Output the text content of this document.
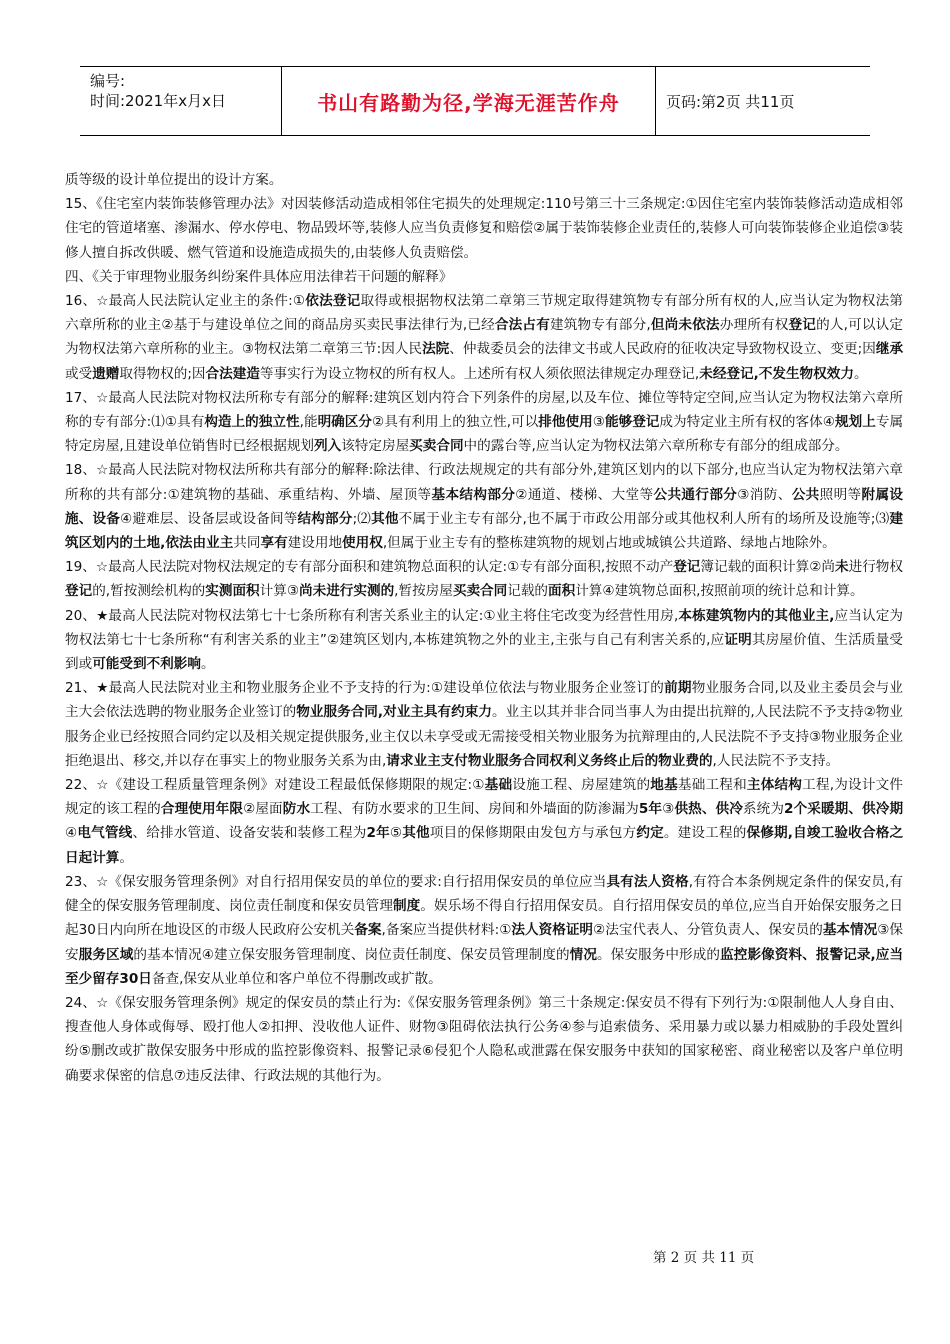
编号:
时间:2021年x月x日	书山有路勤为径,学海无涯苦作舟	页码:第2页 共11页

质等级的设计单位提出的设计方案。

15、《住宅室内装饰装修管理办法》对因装修活动造成相邻住宅损失的处理规定:110号第三十三条规定:①因住宅室内装饰装修活动造成相邻住宅的管道堵塞、渗漏水、停水停电、物品毁坏等,装修人应当负责修复和赔偿②属于装饰装修企业责任的,装修人可向装饰装修企业追偿③装修人擅自拆改供暖、燃气管道和设施造成损失的,由装修人负责赔偿。

四、《关于审理物业服务纠纷案件具体应用法律若干问题的解释》

16、☆最高人民法院认定业主的条件:①依法登记取得或根据物权法第二章第三节规定取得建筑物专有部分所有权的人,应当认定为物权法第六章所称的业主②基于与建设单位之间的商品房买卖民事法律行为,已经合法占有建筑物专有部分,但尚未依法办理所有权登记的人,可以认定为物权法第六章所称的业主。③物权法第二章第三节:因人民法院、仲裁委员会的法律文书或人民政府的征收决定导致物权设立、变更;因继承或受遗赠取得物权的;因合法建造等事实行为设立物权的所有权人。上述所有权人须依照法律规定办理登记,未经登记,不发生物权效力。

17、☆最高人民法院对物权法所称专有部分的解释:建筑区划内符合下列条件的房屋,以及车位、摊位等特定空间,应当认定为物权法第六章所称的专有部分:⑴①具有构造上的独立性,能明确区分②具有利用上的独立性,可以排他使用③能够登记成为特定业主所有权的客体④规划上专属特定房屋,且建设单位销售时已经根据规划列入该特定房屋买卖合同中的露台等,应当认定为物权法第六章所称专有部分的组成部分。

18、☆最高人民法院对物权法所称共有部分的解释:除法律、行政法规规定的共有部分外,建筑区划内的以下部分,也应当认定为物权法第六章所称的共有部分:①建筑物的基础、承重结构、外墙、屋顶等基本结构部分②通道、楼梯、大堂等公共通行部分③消防、公共照明等附属设施、设备④避难层、设备层或设备间等结构部分;⑵其他不属于业主专有部分,也不属于市政公用部分或其他权利人所有的场所及设施等;⑶建筑区划内的土地,依法由业主共同享有建设用地使用权,但属于业主专有的整栋建筑物的规划占地或城镇公共道路、绿地占地除外。

19、☆最高人民法院对物权法规定的专有部分面积和建筑物总面积的认定:①专有部分面积,按照不动产登记簿记载的面积计算②尚未进行物权登记的,暂按测绘机构的实测面积计算③尚未进行实测的,暂按房屋买卖合同记载的面积计算④建筑物总面积,按照前项的统计总和计算。

20、★最高人民法院对物权法第七十七条所称有利害关系业主的认定:①业主将住宅改变为经营性用房,本栋建筑物内的其他业主,应当认定为物权法第七十七条所称“有利害关系的业主”②建筑区划内,本栋建筑物之外的业主,主张与自己有利害关系的,应证明其房屋价值、生活质量受到或可能受到不利影响。

21、★最高人民法院对业主和物业服务企业不予支持的行为:①建设单位依法与物业服务企业签订的前期物业服务合同,以及业主委员会与业主大会依法选聘的物业服务企业签订的物业服务合同,对业主具有约束力。业主以其并非合同当事人为由提出抗辩的,人民法院不予支持②物业服务企业已经按照合同约定以及相关规定提供服务,业主仅以未享受或无需接受相关物业服务为抗辩理由的,人民法院不予支持③物业服务企业拒绝退出、移交,并以存在事实上的物业服务关系为由,请求业主支付物业服务合同权利义务终止后的物业费的,人民法院不予支持。

22、☆《建设工程质量管理条例》对建设工程最低保修期限的规定:①基础设施工程、房屋建筑的地基基础工程和主体结构工程,为设计文件规定的该工程的合理使用年限②屋面防水工程、有防水要求的卫生间、房间和外墙面的防渗漏为5年③供热、供冷系统为2个采暖期、供冷期④电气管线、给排水管道、设备安装和装修工程为2年⑤其他项目的保修期限由发包方与承包方约定。建设工程的保修期,自竣工验收合格之日起计算。

23、☆《保安服务管理条例》对自行招用保安员的单位的要求:自行招用保安员的单位应当具有法人资格,有符合本条例规定条件的保安员,有健全的保安服务管理制度、岗位责任制度和保安员管理制度。娱乐场不得自行招用保安员。自行招用保安员的单位,应当自开始保安服务之日起30日内向所在地设区的市级人民政府公安机关备案,备案应当提供材料:①法人资格证明②法宝代表人、分管负责人、保安员的基本情况③保安服务区域的基本情况④建立保安服务管理制度、岗位责任制度、保安员管理制度的情况。保安服务中形成的监控影像资料、报警记录,应当至少留存30日备查,保安从业单位和客户单位不得删改或扩散。

24、☆《保安服务管理条例》规定的保安员的禁止行为:《保安服务管理条例》第三十条规定:保安员不得有下列行为:①限制他人人身自由、搜查他人身体或侮辱、殴打他人②扣押、没收他人证件、财物③阻碍依法执行公务④参与追索债务、采用暴力或以暴力相威胁的手段处置纠纷⑤删改或扩散保安服务中形成的监控影像资料、报警记录⑥侵犯个人隐私或泄露在保安服务中获知的国家秘密、商业秘密以及客户单位明确要求保密的信息⑦违反法律、行政法规的其他行为。

第 2 页 共 11 页
